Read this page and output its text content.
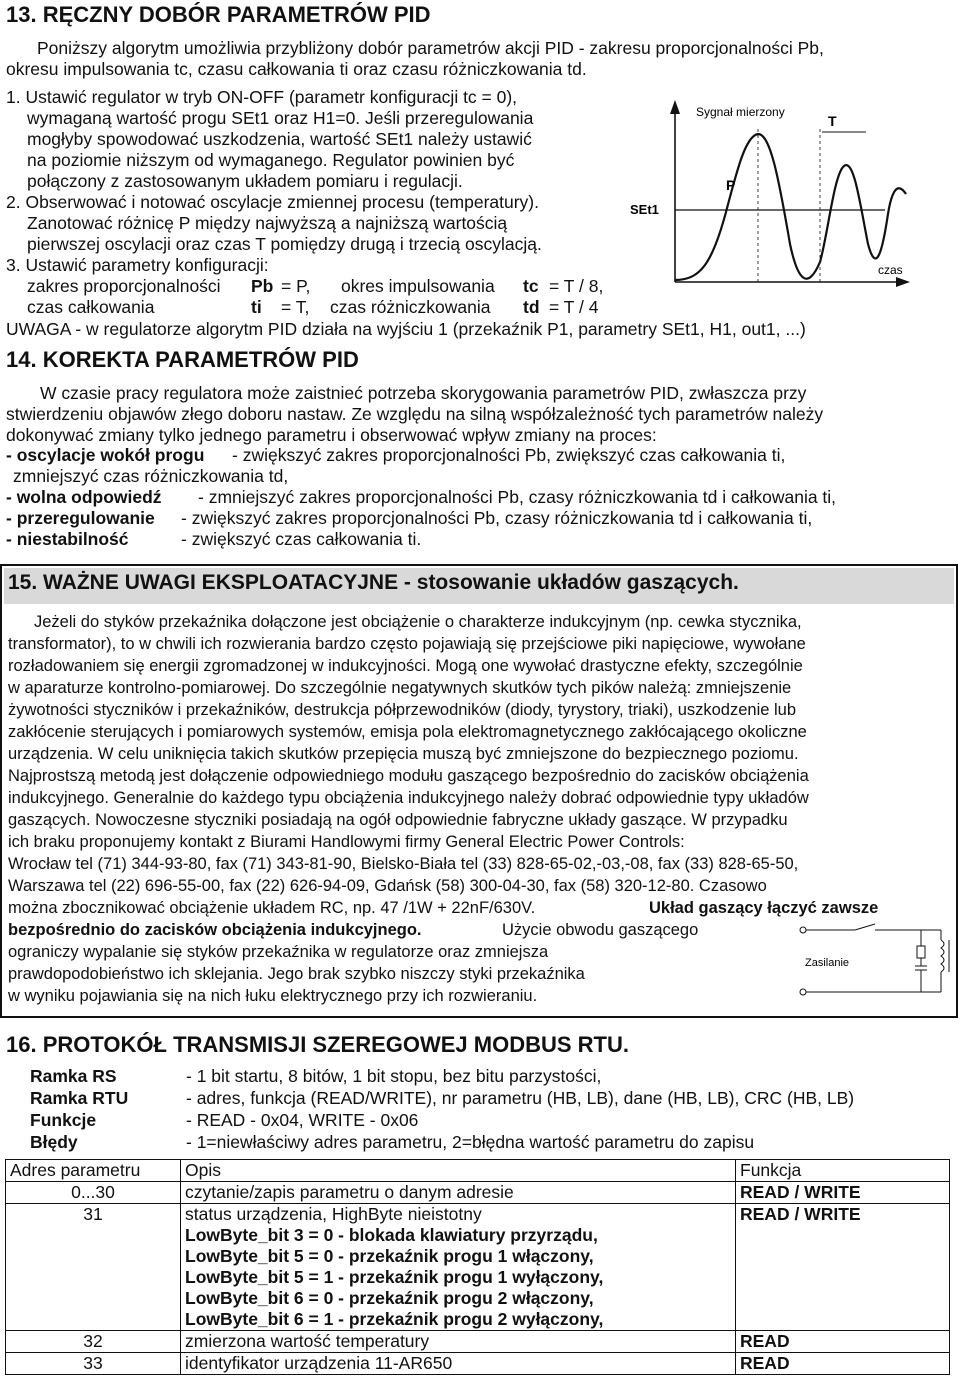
13. RĘCZNY DOBÓR PARAMETRÓW PID
Poniższy algorytm umożliwia przybliżony dobór parametrów akcji PID - zakresu proporcjonalności Pb,
okresu impulsowania tc, czasu całkowania ti oraz czasu różniczkowania td.
1. Ustawić regulator w tryb ON-OFF (parametr konfiguracji tc = 0),
wymaganą wartość progu SEt1 oraz H1=0. Jeśli przeregulowania
mogłyby spowodować uszkodzenia, wartość SEt1 należy ustawić
na poziomie niższym od wymaganego. Regulator powinien być
połączony z zastosowanym układem pomiaru i regulacji.
2. Obserwować i notować oscylacje zmiennej procesu (temperatury).
Zanotować różnicę P między najwyższą a najniższą wartością
pierwszej oscylacji oraz czas T pomiędzy drugą i trzecią oscylacją.
3. Ustawić parametry konfiguracji:
zakres proporcjonalności Pb = P, okres impulsowania tc = T / 8,
czas całkowania	ti = T, czas różniczkowania td = T / 4
Sygnał mierzony
T
P
SEt1
czas
UWAGA - w regulatorze algorytm PID działa na wyjściu 1 (przekaźnik P1, parametry SEt1, H1, out1, ...)
14. KOREKTA PARAMETRÓW PID
W czasie pracy regulatora może zaistnieć potrzeba skorygowania parametrów PID, zwłaszcza przy
stwierdzeniu objawów złego doboru nastaw. Ze względu na silną współzależność tych parametrów należy
dokonywać zmiany tylko jednego parametru i obserwować wpływ zmiany na proces:
- oscylacje wokół progu - zwiększyć zakres proporcjonalności Pb, zwiększyć czas całkowania ti,
zmniejszyć czas różniczkowania td,
- wolna odpowiedź - zmniejszyć zakres proporcjonalności Pb, czasy różniczkowania td i całkowania ti,
- przeregulowanie - zwiększyć zakres proporcjonalności Pb, czasy różniczkowania td i całkowania ti,
- niestabilność	- zwiększyć czas całkowania ti.
15. WAŻNE UWAGI EKSPLOATACYJNE - stosowanie układów gaszących.
Jeżeli do styków przekaźnika dołączone jest obciążenie o charakterze indukcyjnym (np. cewka stycznika,
transformator), to w chwili ich rozwierania bardzo często pojawiają się przejściowe piki napięciowe, wywołane
rozładowaniem się energii zgromadzonej w indukcyjności. Mogą one wywołać drastyczne efekty, szczególnie
w aparaturze kontrolno-pomiarowej. Do szczególnie negatywnych skutków tych pików należą: zmniejszenie
żywotności styczników i przekaźników, destrukcja półprzewodników (diody, tyrystory, triaki), uszkodzenie lub
zakłócenie sterujących i pomiarowych systemów, emisja pola elektromagnetycznego zakłócającego okoliczne
urządzenia. W celu uniknięcia takich skutków przepięcia muszą być zmniejszone do bezpiecznego poziomu.
Najprostszą metodą jest dołączenie odpowiedniego modułu gaszącego bezpośrednio do zacisków obciążenia
indukcyjnego. Generalnie do każdego typu obciążenia indukcyjnego należy dobrać odpowiednie typy układów
gaszących. Nowoczesne styczniki posiadają na ogół odpowiednie fabryczne układy gaszące. W przypadku
ich braku proponujemy kontakt z Biurami Handlowymi firmy General Electric Power Controls:
Wrocław tel (71) 344-93-80, fax (71) 343-81-90, Bielsko-Biała tel (33) 828-65-02,-03,-08, fax (33) 828-65-50,
Warszawa tel (22) 696-55-00, fax (22) 626-94-09, Gdańsk (58) 300-04-30, fax (58) 320-12-80. Czasowo
można zbocznikować obciążenie układem RC, np. 47 /1W + 22nF/630V.	Układ gaszący łączyć zawsze
bezpośrednio do zacisków obciążenia indukcyjnego.	Użycie obwodu gaszącego
ograniczy wypalanie się styków przekaźnika w regulatorze oraz zmniejsza
prawdopodobieństwo ich sklejania. Jego brak szybko niszczy styki przekaźnika
w wyniku pojawiania się na nich łuku elektrycznego przy ich rozwieraniu.
Zasilanie
16. PROTOKÓŁ TRANSMISJI SZEREGOWEJ MODBUS RTU.
Ramka RS	- 1 bit startu, 8 bitów, 1 bit stopu, bez bitu parzystości,
Ramka RTU	- adres, funkcja (READ/WRITE), nr parametru (HB, LB), dane (HB, LB), CRC (HB, LB)
Funkcje	- READ - 0x04, WRITE - 0x06
Błędy	- 1=niewłaściwy adres parametru, 2=błędna wartość parametru do zapisu
Adres parametru	Opis	Funkcja
0...30	czytanie/zapis parametru o danym adresie	READ / WRITE
31	status urządzenia, HighByte nieistotny	READ / WRITE
	LowByte_bit 3 = 0 - blokada klawiatury przyrządu,	
	LowByte_bit 5 = 0 - przekaźnik progu 1 włączony,	
	LowByte_bit 5 = 1 - przekaźnik progu 1 wyłączony,	
	LowByte_bit 6 = 0 - przekaźnik progu 2 włączony,	
	LowByte_bit 6 = 1 - przekaźnik progu 2 wyłączony,	
32	zmierzona wartość temperatury	READ
33	identyfikator urządzenia 11-AR650	READ
